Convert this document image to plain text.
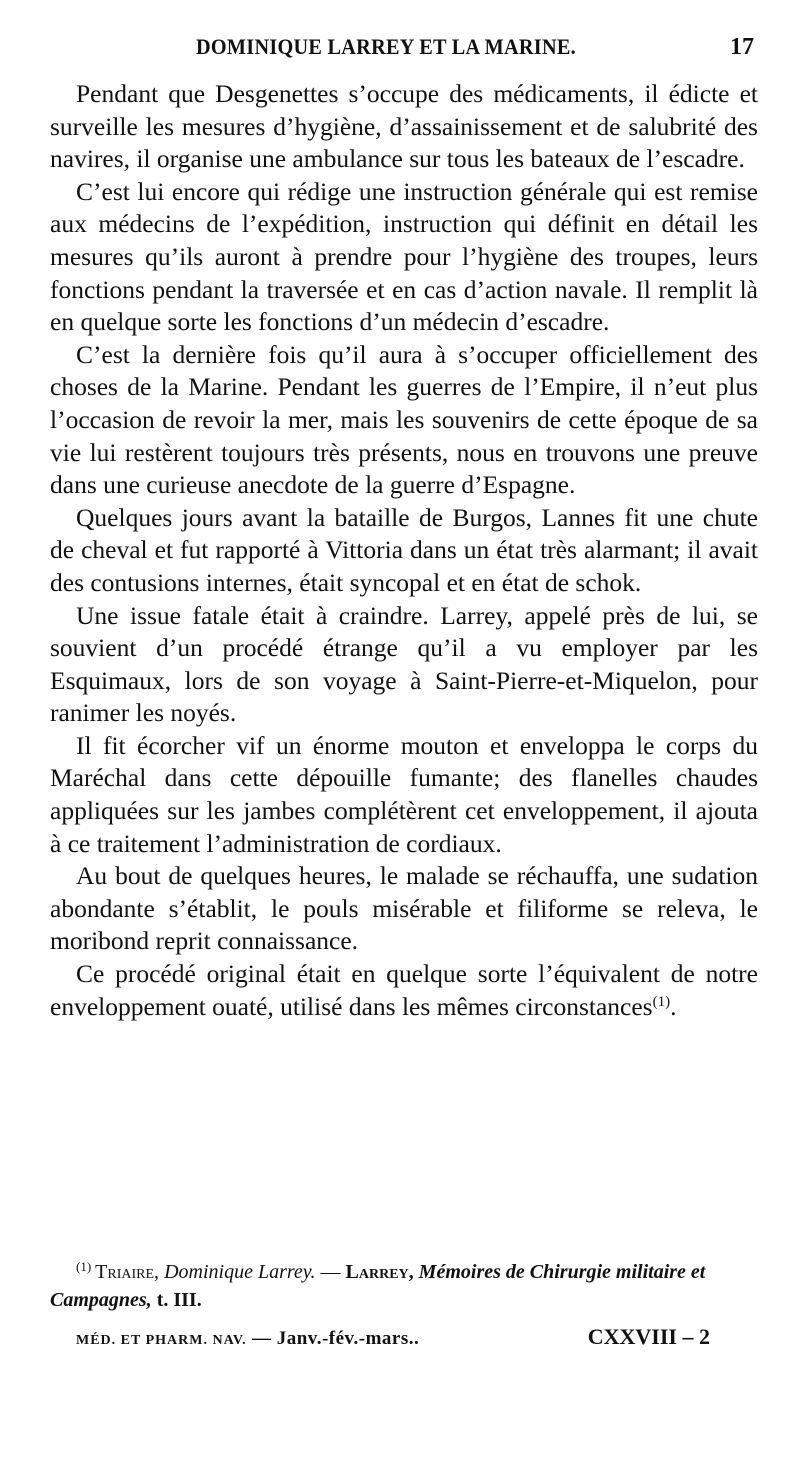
DOMINIQUE LARREY ET LA MARINE.	17

Pendant que Desgenettes s’occupe des médicaments, il édicte et surveille les mesures d’hygiène, d’assainissement et de salubrité des navires, il organise une ambulance sur tous les bateaux de l’escadre.

C’est lui encore qui rédige une instruction générale qui est remise aux médecins de l’expédition, instruction qui définit en détail les mesures qu’ils auront à prendre pour l’hygiène des troupes, leurs fonctions pendant la traversée et en cas d’action navale. Il remplit là en quelque sorte les fonctions d’un médecin d’escadre.

C’est la dernière fois qu’il aura à s’occuper officiellement des choses de la Marine. Pendant les guerres de l’Empire, il n’eut plus l’occasion de revoir la mer, mais les souvenirs de cette époque de sa vie lui restèrent toujours très présents, nous en trouvons une preuve dans une curieuse anecdote de la guerre d’Espagne.

Quelques jours avant la bataille de Burgos, Lannes fit une chute de cheval et fut rapporté à Vittoria dans un état très alarmant; il avait des contusions internes, était syncopal et en état de schok.

Une issue fatale était à craindre. Larrey, appelé près de lui, se souvient d’un procédé étrange qu’il a vu employer par les Esquimaux, lors de son voyage à Saint-Pierre-et-Miquelon, pour ranimer les noyés.

Il fit écorcher vif un énorme mouton et enveloppa le corps du Maréchal dans cette dépouille fumante; des flanelles chaudes appliquées sur les jambes complétèrent cet enveloppement, il ajouta à ce traitement l’administration de cordiaux.

Au bout de quelques heures, le malade se réchauffa, une sudation abondante s’établit, le pouls misérable et filiforme se releva, le moribond reprit connaissance.

Ce procédé original était en quelque sorte l’équivalent de notre enveloppement ouaté, utilisé dans les mêmes circonstances$^{(1)}$.

$^{(1)}$ Triaire, Dominique Larrey. — Larrey, Mémoires de Chirurgie militaire et Campagnes, t. III.

MÉD. ET PHARM. NAV. — Janv.-fév.-mars..	CXXVIII – 2
